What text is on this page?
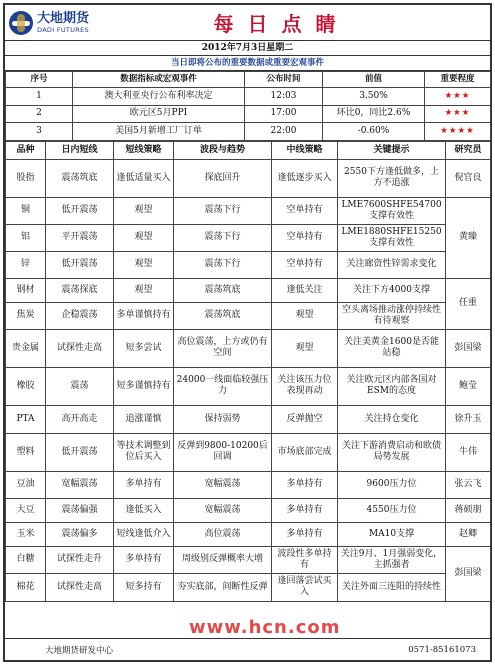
大地期货
DADI FUTURES	每日点睛
2012年7月3日星期二
当日即将公布的重要数据或重要宏观事件
序号	数据指标或宏观事件	公布时间	前值	重要程度
1	澳大利亚央行公布利率决定	12:03	3.50%	★★★
2	欧元区5月PPI	17:00	环比0，同比2.6%	★★★
3	美国5月新增工厂订单	22:00	-0.60%	★★★★
品种	日内短线	短线策略	波段与趋势	中线策略	关键提示	研究员
股指	震荡筑底	逢低适量买入	探底回升	逢低逐步买入	2550下方逢低做多，上方不追涨	倪官良
铜	低开震荡	观望	震荡下行	空单持有	LME7600SHFE54700支撑有效性	黄臻
铝	平开震荡	观望	震荡下行	空单持有	LME1880SHFE15250支撑有效性	
锌	低开震荡	观望	震荡下行	空单持有	关注廊资性锌需求变化	
钢材	震荡探底	观望	震荡筑底	逢低关注	关注下方4000支撑	任重
焦炭	企稳震荡	多单谨慎持有	震荡筑底	观望	空头离场推动涨停持续性有待观察	
贵金属	试探性走高	短多尝试	高位震荡，上方或仍有空间	观望	关注美黄金1600是否能站稳	彭国梁
橡胶	震荡	短多谨慎持有	24000一线面临较强压力	关注该压力位表现再动	关注欧元区内部各国对ESM的态度	鲍莹
PTA	高开高走	追涨谨慎	保持弱势	反弹抛空	关注持仓变化	徐升玉
塑料	低开震荡	等技术调整到位后买入	反弹到9800-10200后回调	市场底部完成	关注下游消费启动和欧债局势发展	牛伟
豆油	宽幅震荡	多单持有	宽幅震荡	多单持有	9600压力位	张云飞
大豆	震荡偏强	逢低买入	宽幅震荡	多单持有	4550压力位	蒋硕朋
玉米	震荡偏多	短线逢低介入	高位震荡	多单持有	MA10支撑	赵卿
白糖	试探性走升	多单持有	周级别反弹概率大增	波段性多单持有	关注9月、1月强弱变化，主抓强者	彭国梁
棉花	试探性走高	短多持有	夯实底部，间断性反弹	逢回落尝试买入	关注外面三连阳的持续性	
www.hcn.com
大地期货研发中心	0571-85161073
